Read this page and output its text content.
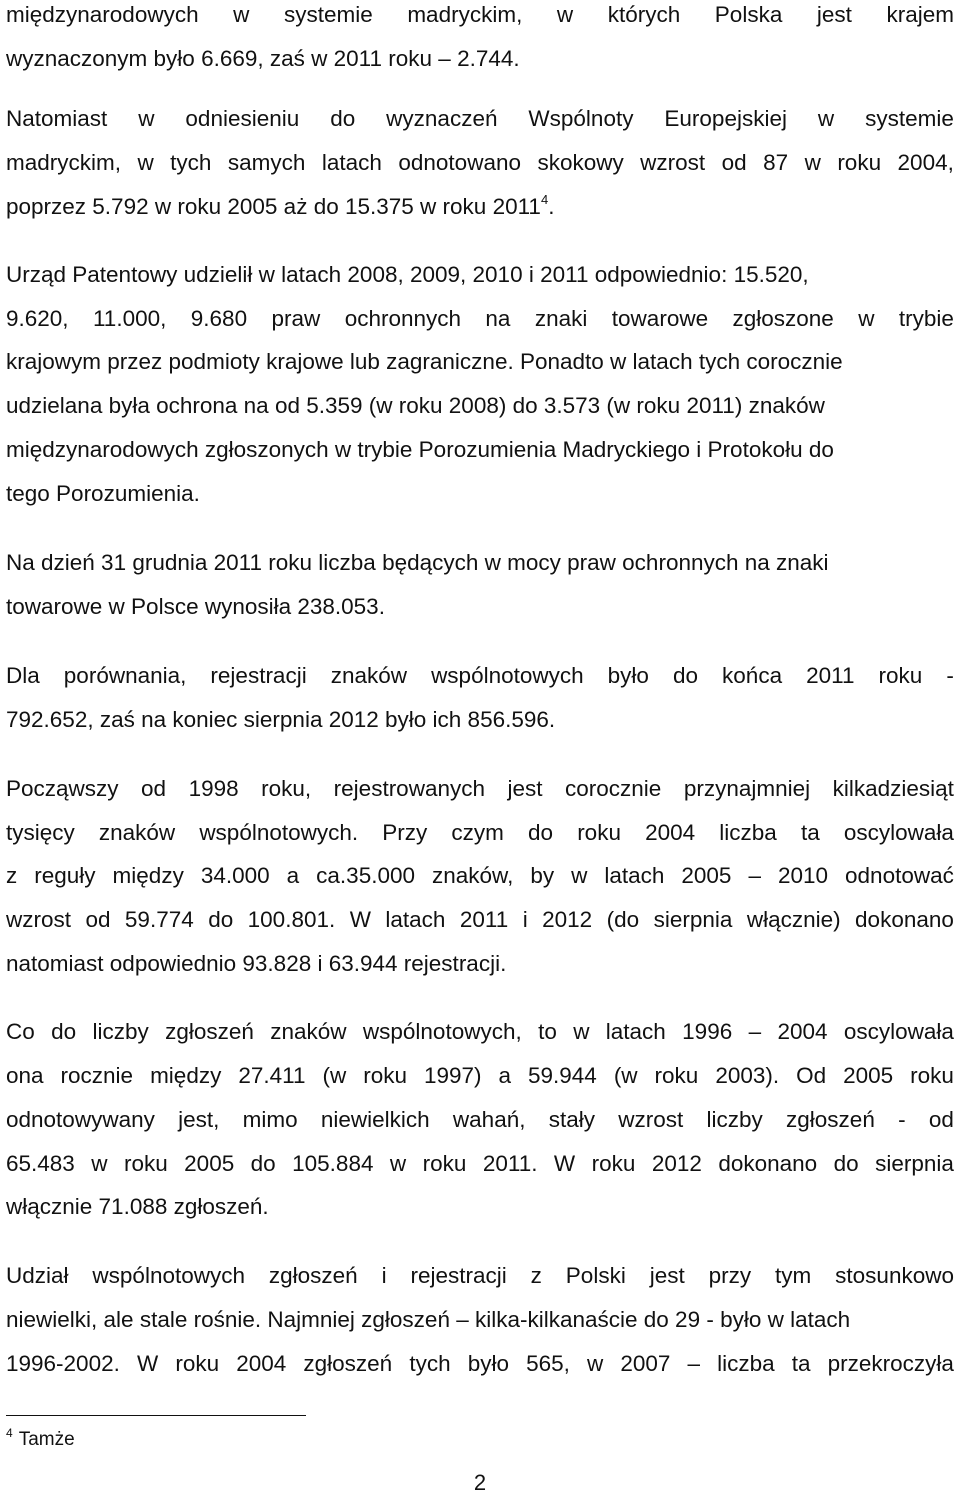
międzynarodowych w systemie madryckim, w których Polska jest krajem
wyznaczonym było 6.669, zaś w 2011 roku – 2.744.
Natomiast w odniesieniu do wyznaczeń Wspólnoty Europejskiej w systemie
madryckim, w tych samych latach odnotowano skokowy wzrost od 87 w roku 2004,
poprzez 5.792 w roku 2005 aż do 15.375 w roku 2011$^4$.
Urząd Patentowy udzielił w latach 2008, 2009, 2010 i 2011 odpowiednio: 15.520,
9.620, 11.000, 9.680 praw ochronnych na znaki towarowe zgłoszone w trybie
krajowym przez podmioty krajowe lub zagraniczne. Ponadto w latach tych corocznie
udzielana była ochrona na od 5.359 (w roku 2008) do 3.573 (w roku 2011) znaków
międzynarodowych zgłoszonych w trybie Porozumienia Madryckiego i Protokołu do
tego Porozumienia.
Na dzień 31 grudnia 2011 roku liczba będących w mocy praw ochronnych na znaki
towarowe w Polsce wynosiła 238.053.
Dla porównania, rejestracji znaków wspólnotowych było do końca 2011 roku -
792.652, zaś na koniec sierpnia 2012 było ich 856.596.
Począwszy od 1998 roku, rejestrowanych jest corocznie przynajmniej kilkadziesiąt
tysięcy znaków wspólnotowych. Przy czym do roku 2004 liczba ta oscylowała
z reguły między 34.000 a ca.35.000 znaków, by w latach 2005 – 2010 odnotować
wzrost od 59.774 do 100.801. W latach 2011 i 2012 (do sierpnia włącznie) dokonano
natomiast odpowiednio 93.828 i 63.944 rejestracji.
Co do liczby zgłoszeń znaków wspólnotowych, to w latach 1996 – 2004 oscylowała
ona rocznie między 27.411 (w roku 1997) a 59.944 (w roku 2003). Od 2005 roku
odnotowywany jest, mimo niewielkich wahań, stały wzrost liczby zgłoszeń - od
65.483 w roku 2005 do 105.884 w roku 2011. W roku 2012 dokonano do sierpnia
włącznie 71.088 zgłoszeń.
Udział wspólnotowych zgłoszeń i rejestracji z Polski jest przy tym stosunkowo
niewielki, ale stale rośnie. Najmniej zgłoszeń – kilka-kilkanaście do 29 - było w latach
1996-2002. W roku 2004 zgłoszeń tych było 565, w 2007 – liczba ta przekroczyła
$^4$ Tamże
2
